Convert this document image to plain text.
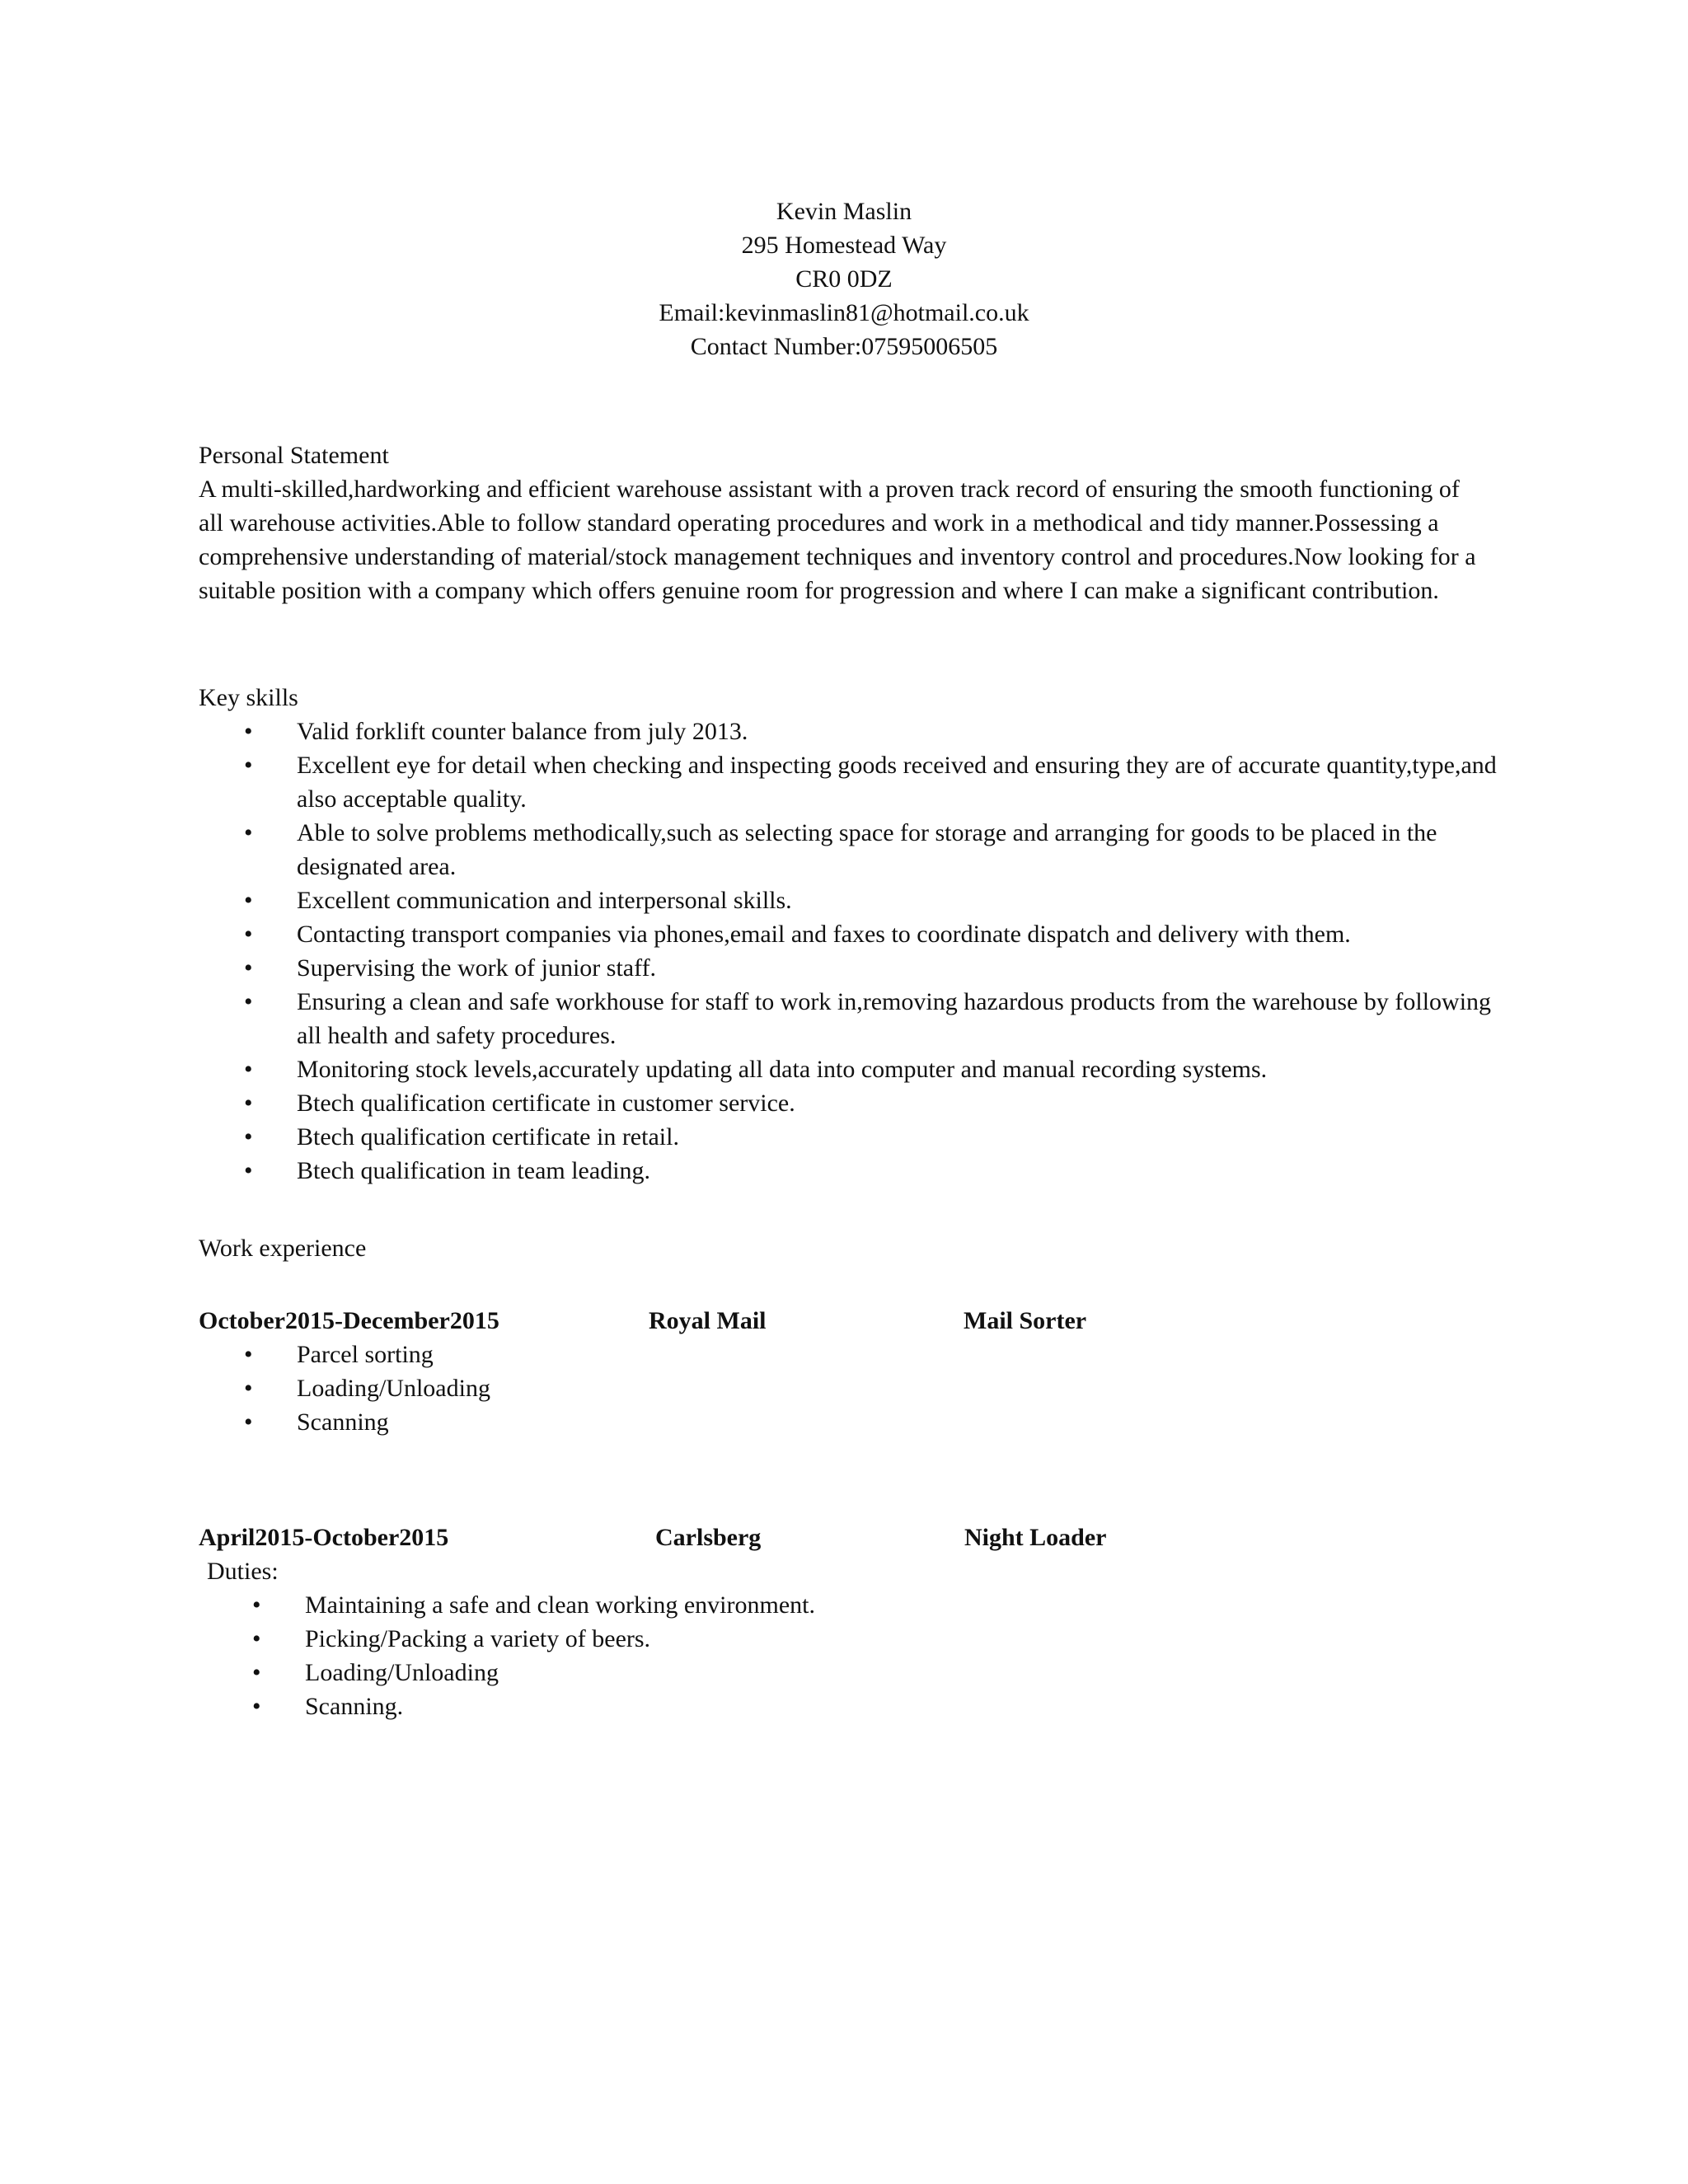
Kevin Maslin
295 Homestead Way
CR0 0DZ
Email:kevinmaslin81@hotmail.co.uk
Contact Number:07595006505
Personal Statement

A multi-skilled,hardworking and efficient warehouse assistant with a proven track record of ensuring the smooth functioning of all warehouse activities.Able to follow standard operating procedures and work in a methodical and tidy manner.Possessing a comprehensive understanding of material/stock management techniques and inventory control and procedures.Now looking for a suitable position with a company which offers genuine room for progression and where I can make a significant contribution.

Key skills
• Valid forklift counter balance from july 2013.
• Excellent eye for detail when checking and inspecting goods received and ensuring they are of accurate quantity,type,and also acceptable quality.
• Able to solve problems methodically,such as selecting space for storage and arranging for goods to be placed in the designated area.
• Excellent communication and interpersonal skills.
• Contacting transport companies via phones,email and faxes to coordinate dispatch and delivery with them.
• Supervising the work of junior staff.
• Ensuring a clean and safe workhouse for staff to work in,removing hazardous products from the warehouse by following all health and safety procedures.
• Monitoring stock levels,accurately updating all data into computer and manual recording systems.
• Btech qualification certificate in customer service.
• Btech qualification certificate in retail.
• Btech qualification in team leading.
Work experience
October2015-December2015	Royal Mail	Mail Sorter
• Parcel sorting
• Loading/Unloading
• Scanning
April2015-October2015	Carlsberg	Night Loader
Duties:
• Maintaining a safe and clean working environment.
• Picking/Packing a variety of beers.
• Loading/Unloading
• Scanning.
